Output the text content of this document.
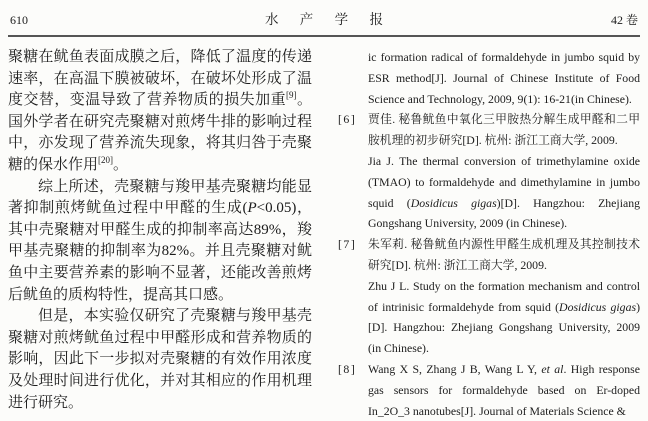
610	水 产 学 报	42 卷

聚糖在鱿鱼表面成膜之后，降低了温度的传递速率，在高温下膜被破坏，在破坏处形成了温度交替，变温导致了营养物质的损失加重[9]。国外学者在研究壳聚糖对煎烤牛排的影响过程中，亦发现了营养流失现象，将其归咎于壳聚糖的保水作用[20]。

综上所述，壳聚糖与羧甲基壳聚糖均能显著抑制煎烤鱿鱼过程中甲醛的生成(P<0.05)，其中壳聚糖对甲醛生成的抑制率高达89%，羧甲基壳聚糖的抑制率为82%。并且壳聚糖对鱿鱼中主要营养素的影响不显著，还能改善煎烤后鱿鱼的质构特性，提高其口感。

但是，本实验仅研究了壳聚糖与羧甲基壳聚糖对煎烤鱿鱼过程中甲醛形成和营养物质的影响，因此下一步拟对壳聚糖的有效作用浓度及处理时间进行优化，并对其相应的作用机理进行研究。

ic formation radical of formaldehyde in jumbo squid by ESR method[J]. Journal of Chinese Institute of Food Science and Technology, 2009, 9(1): 16-21(in Chinese).
[6] 贾佳. 秘鲁鱿鱼中氧化三甲胺热分解生成甲醛和二甲胺机理的初步研究[D]. 杭州: 浙江工商大学, 2009.
Jia J. The thermal conversion of trimethylamine oxide (TMAO) to formaldehyde and dimethylamine in jumbo squid (Dosidicus gigas)[D]. Hangzhou: Zhejiang Gongshang University, 2009 (in Chinese).
[7] 朱军莉. 秘鲁鱿鱼内源性甲醛生成机理及其控制技术研究[D]. 杭州: 浙江工商大学, 2009.
Zhu J L. Study on the formation mechanism and control of intrinisic formaldehyde from squid (Dosidicus gigas)[D]. Hangzhou: Zhejiang Gongshang University, 2009 (in Chinese).
[8] Wang X S, Zhang J B, Wang L Y, et al. High response gas sensors for formaldehyde based on Er-doped In_2O_3 nanotubes[J]. Journal of Materials Science &
